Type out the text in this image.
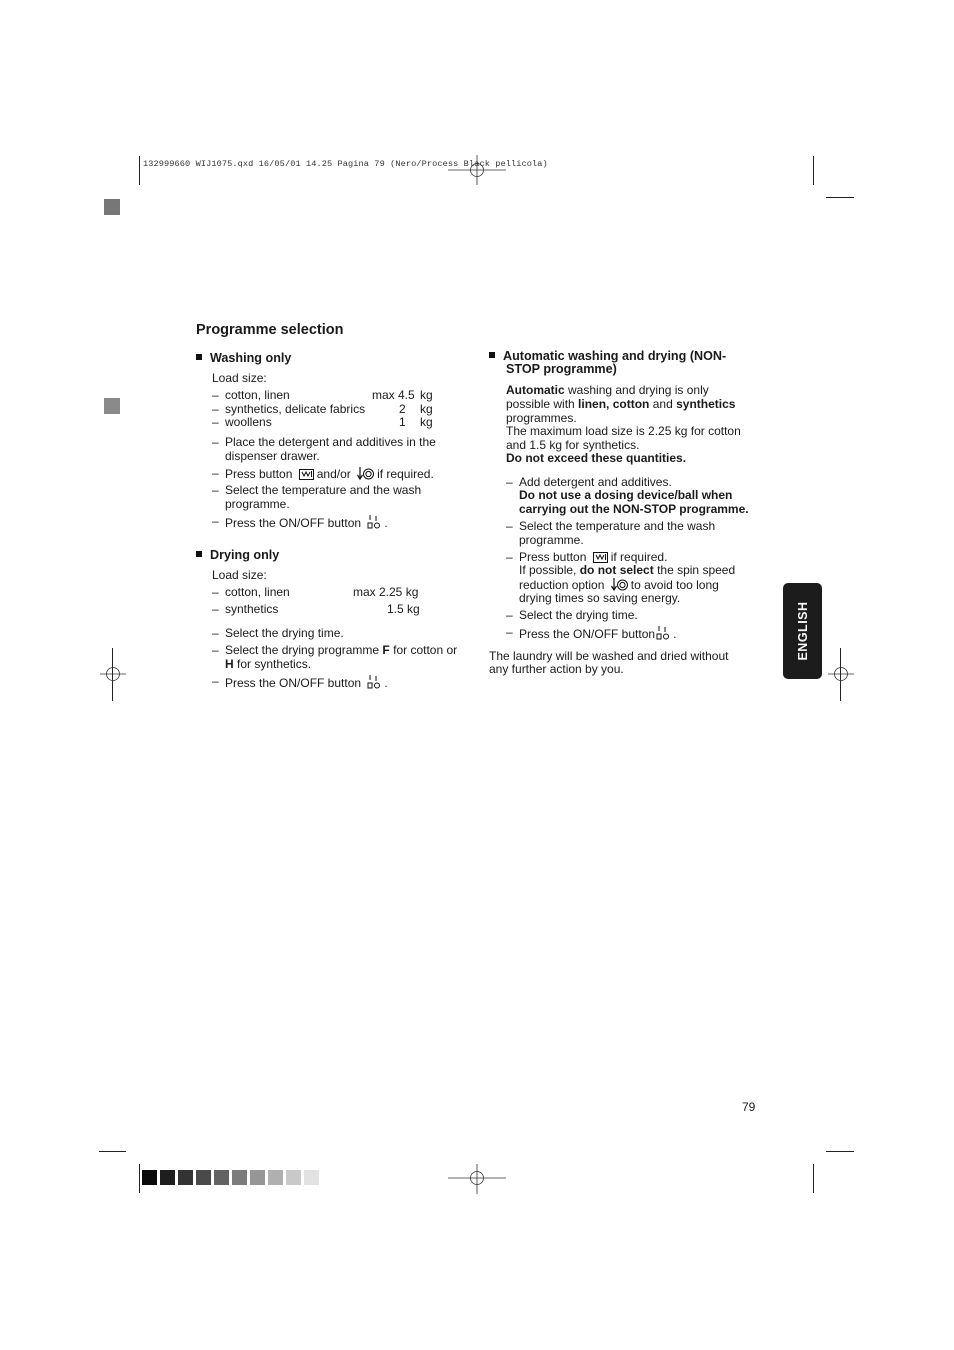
132999660 WIJ1075.qxd 16/05/01 14.25 Pagina 79 (Nero/Process Black pellicola)
Programme selection
Washing only
Load size:
– cotton, linen	max 4.5 kg
– synthetics, delicate fabrics	2 kg
– woollens	1 kg
– Place the detergent and additives in the
dispenser drawer.
– Press button and/or if required.
– Select the temperature and the wash
programme.
– Press the ON/OFF button .
Drying only
Load size:
– cotton, linen	max 2.25 kg
– synthetics	1.5 kg
– Select the drying time.
– Select the drying programme F for cotton or
H for synthetics.
– Press the ON/OFF button .
Automatic washing and drying (NON-
STOP programme)
Automatic washing and drying is only
possible with linen, cotton and synthetics
programmes.
The maximum load size is 2.25 kg for cotton
and 1.5 kg for synthetics.
Do not exceed these quantities.
– Add detergent and additives.
Do not use a dosing device/ball when
carrying out the NON-STOP programme.
– Select the temperature and the wash
programme.
– Press button if required.
If possible, do not select the spin speed
reduction option to avoid too long
drying times so saving energy.
– Select the drying time.
– Press the ON/OFF button .
The laundry will be washed and dried without
any further action by you.
ENGLISH
79
